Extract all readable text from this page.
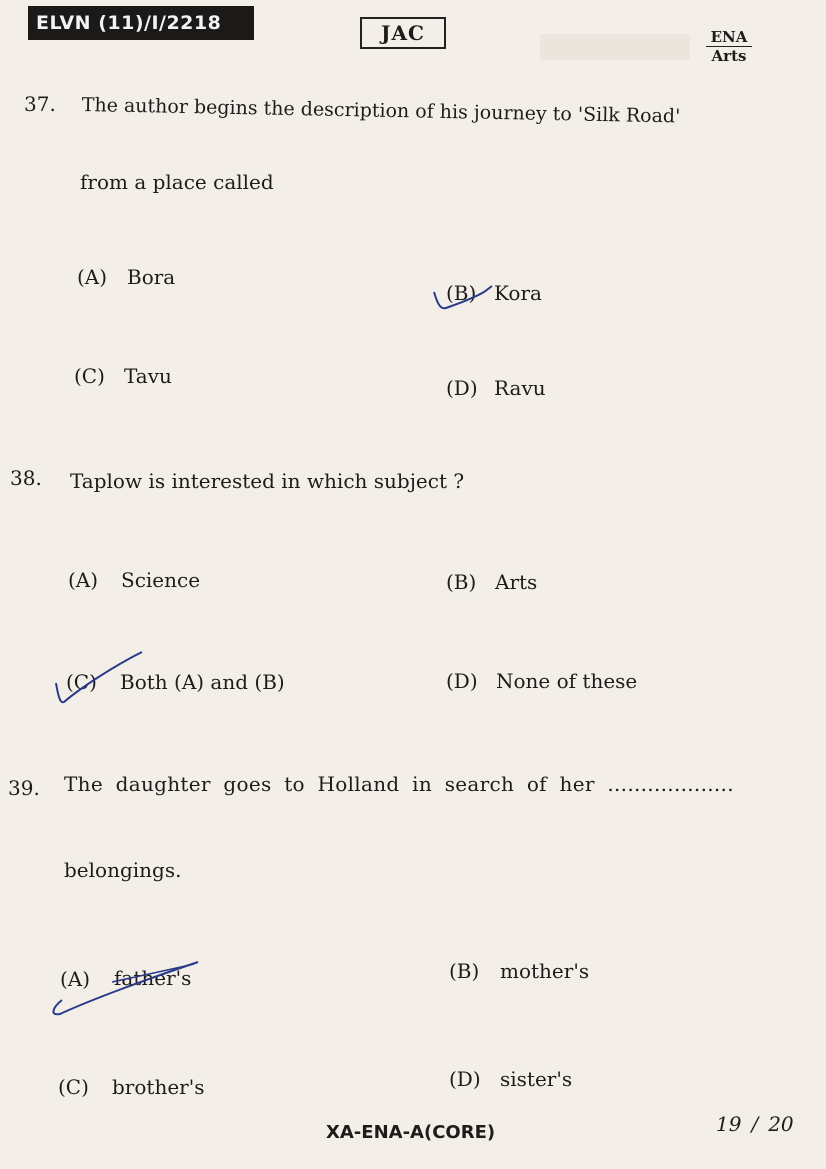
ELVN (11)/I/2218	JAC	ENA
Arts
37. The author begins the description of his journey to 'Silk Road'
from a place called
(A) Bora
(B) Kora
(C) Tavu	(D) Ravu
38. Taplow is interested in which subject ?
(A) Science	(B) Arts
(C) Both (A) and (B)	(D) None of these
39. The daughter goes to Holland in search of her ...................
belongings.
(A) father's	(B) mother's
(C) brother's	(D) sister's
XA-ENA-A(CORE)	19 / 20
